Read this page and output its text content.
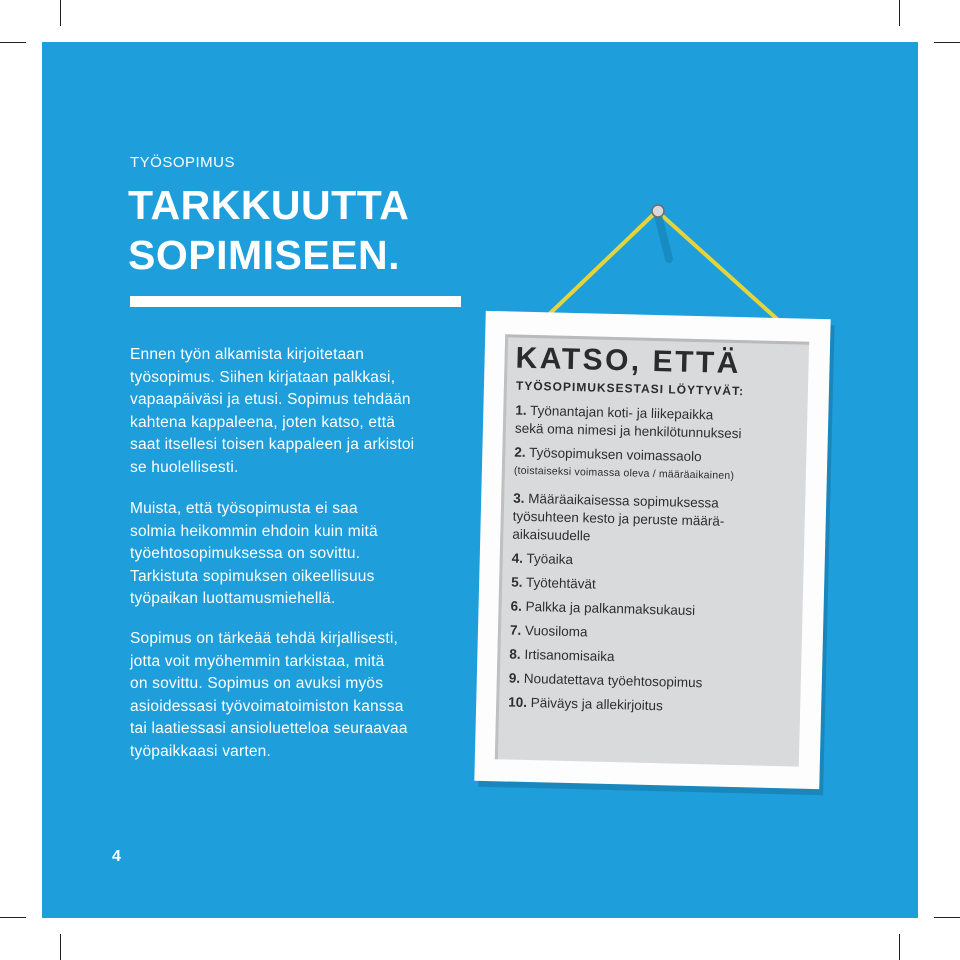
TYÖSOPIMUS
TARKKUUTTA
SOPIMISEEN.

Ennen työn alkamista kirjoitetaan
työsopimus. Siihen kirjataan palkkasi,
vapaapäiväsi ja etusi. Sopimus tehdään
kahtena kappaleena, joten katso, että
saat itsellesi toisen kappaleen ja arkistoi
se huolellisesti.

Muista, että työsopimusta ei saa
solmia heikommin ehdoin kuin mitä
työehtosopimuksessa on sovittu.
Tarkistuta sopimuksen oikeellisuus
työpaikan luottamusmiehellä.

Sopimus on tärkeää tehdä kirjallisesti,
jotta voit myöhemmin tarkistaa, mitä
on sovittu. Sopimus on avuksi myös
asioidessasi työvoimatoimiston kanssa
tai laatiessasi ansioluetteloa seuraavaa
työpaikkaasi varten.

KATSO, ETTÄ
TYÖSOPIMUKSESTASI LÖYTYVÄT:
1. Työnantajan koti- ja liikepaikka
sekä oma nimesi ja henkilötunnuksesi
2. Työsopimuksen voimassaolo
(toistaiseksi voimassa oleva / määräaikainen)
3. Määräaikaisessa sopimuksessa
työsuhteen kesto ja peruste määrä-
aikaisuudelle
4. Työaika
5. Työtehtävät
6. Palkka ja palkanmaksukausi
7. Vuosiloma
8. Irtisanomisaika
9. Noudatettava työehtosopimus
10. Päiväys ja allekirjoitus
4
